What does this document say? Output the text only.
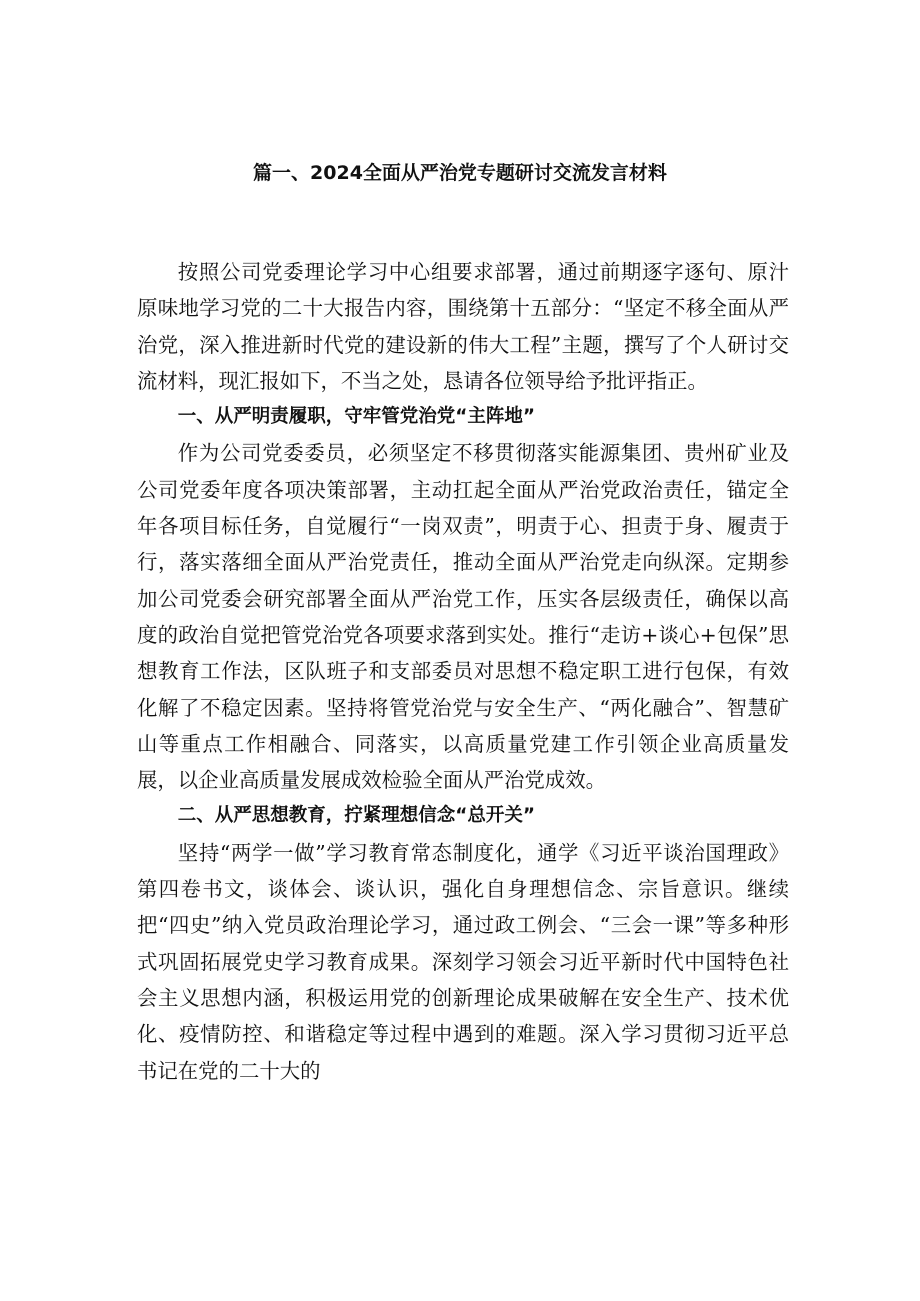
篇一、2024全面从严治党专题研讨交流发言材料

按照公司党委理论学习中心组要求部署，通过前期逐字逐句、原汁原味地学习党的二十大报告内容，围绕第十五部分：“坚定不移全面从严治党，深入推进新时代党的建设新的伟大工程”主题，撰写了个人研讨交流材料，现汇报如下，不当之处，恳请各位领导给予批评指正。

一、从严明责履职，守牢管党治党“主阵地”

作为公司党委委员，必须坚定不移贯彻落实能源集团、贵州矿业及公司党委年度各项决策部署，主动扛起全面从严治党政治责任，锚定全年各项目标任务，自觉履行“一岗双责”，明责于心、担责于身、履责于行，落实落细全面从严治党责任，推动全面从严治党走向纵深。定期参加公司党委会研究部署全面从严治党工作，压实各层级责任，确保以高度的政治自觉把管党治党各项要求落到实处。推行“走访+谈心+包保”思想教育工作法，区队班子和支部委员对思想不稳定职工进行包保，有效化解了不稳定因素。坚持将管党治党与安全生产、“两化融合”、智慧矿山等重点工作相融合、同落实，以高质量党建工作引领企业高质量发展，以企业高质量发展成效检验全面从严治党成效。

二、从严思想教育，拧紧理想信念“总开关”

坚持“两学一做”学习教育常态制度化，通学《习近平谈治国理政》第四卷书文，谈体会、谈认识，强化自身理想信念、宗旨意识。继续把“四史”纳入党员政治理论学习，通过政工例会、“三会一课”等多种形式巩固拓展党史学习教育成果。深刻学习领会习近平新时代中国特色社会主义思想内涵，积极运用党的创新理论成果破解在安全生产、技术优化、疫情防控、和谐稳定等过程中遇到的难题。深入学习贯彻习近平总书记在党的二十大的
